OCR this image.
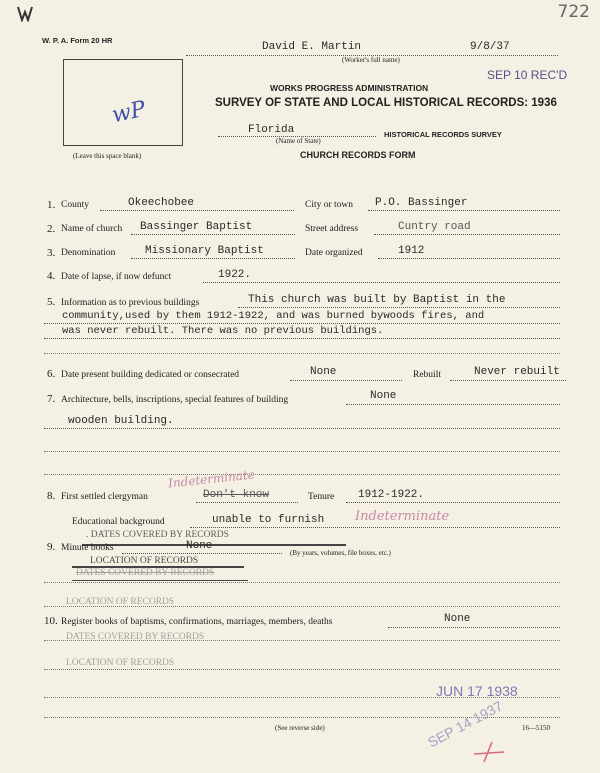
722
W. P. A. Form 20 HR
David E. Martin	9/8/37
(Worker's full name)
wP
(Leave this space blank)
SEP 10 REC'D
WORKS PROGRESS ADMINISTRATION
SURVEY OF STATE AND LOCAL HISTORICAL RECORDS: 1936
Florida	HISTORICAL RECORDS SURVEY
(Name of State)
CHURCH RECORDS FORM
1. County	Okeechobee	City or town P.O. Bassinger
2. Name of church Bassinger Baptist	Street address	Cuntry road
3. Denomination	Missionary Baptist	Date organized	1912
4. Date of lapse, if now defunct	1922.
5. Information as to previous buildings	This church was built by Baptist in the
community,used by them 1912-1922, and was burned bywoods fires, and
was never rebuilt. There was no previous buildings.
6. Date present building dedicated or consecrated	None	Rebuilt	Never rebuilt
7. Architecture, bells, inscriptions, special features of building	None
wooden building.
Indeterminate
8. First settled clergyman	Don't know	Tenure 1912-1922.
Educational background	unable to furnish Indeterminate
. DATES COVERED BY RECORDS
9. Minute books	None
(By years, volumes, file boxes, etc.)
LOCATION OF RECORDS
DATES COVERED BY RECORDS
LOCATION OF RECORDS
10. Register books of baptisms, confirmations, marriages, members, deaths	None
DATES COVERED BY RECORDS
LOCATION OF RECORDS
JUN 17 1938
SEP 14 1937
(See reverse side)	16—5150
